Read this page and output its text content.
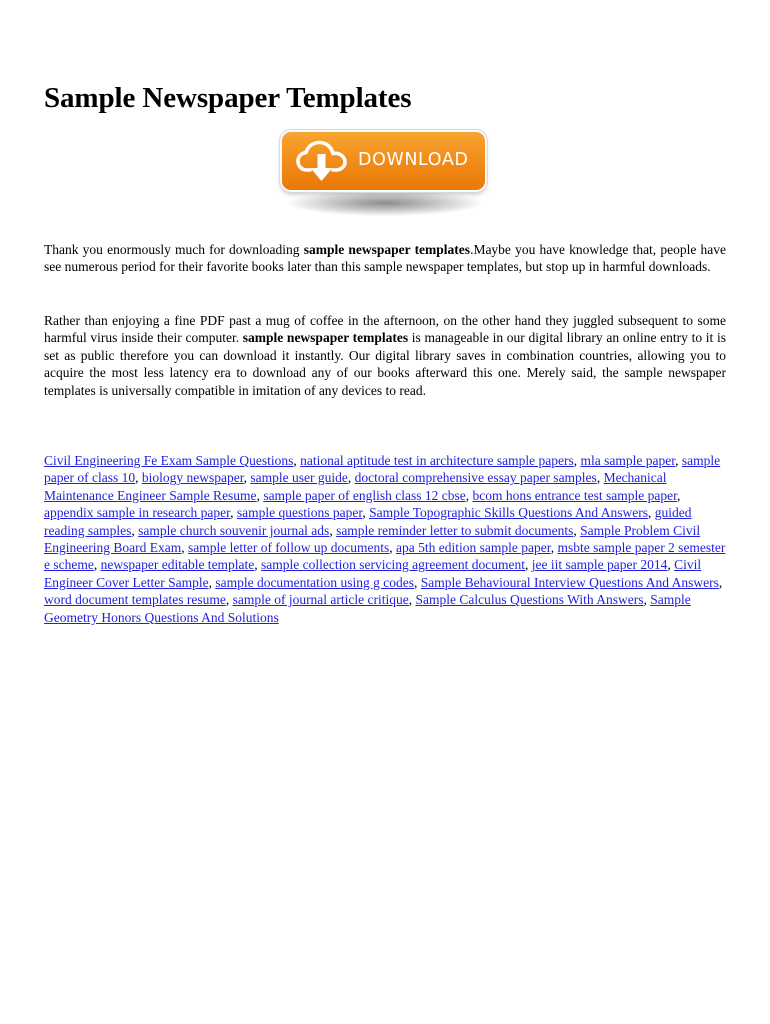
Sample Newspaper Templates
DOWNLOAD

Thank you enormously much for downloading sample newspaper templates.Maybe you have knowledge that, people have see numerous period for their favorite books later than this sample newspaper templates, but stop up in harmful downloads.

Rather than enjoying a fine PDF past a mug of coffee in the afternoon, on the other hand they juggled subsequent to some harmful virus inside their computer. sample newspaper templates is manageable in our digital library an online entry to it is set as public therefore you can download it instantly. Our digital library saves in combination countries, allowing you to acquire the most less latency era to download any of our books afterward this one. Merely said, the sample newspaper templates is universally compatible in imitation of any devices to read.

Civil Engineering Fe Exam Sample Questions, national aptitude test in architecture sample papers, mla sample paper, sample paper of class 10, biology newspaper, sample user guide, doctoral comprehensive essay paper samples, Mechanical Maintenance Engineer Sample Resume, sample paper of english class 12 cbse, bcom hons entrance test sample paper, appendix sample in research paper, sample questions paper, Sample Topographic Skills Questions And Answers, guided reading samples, sample church souvenir journal ads, sample reminder letter to submit documents, Sample Problem Civil Engineering Board Exam, sample letter of follow up documents, apa 5th edition sample paper, msbte sample paper 2 semester e scheme, newspaper editable template, sample collection servicing agreement document, jee iit sample paper 2014, Civil Engineer Cover Letter Sample, sample documentation using g codes, Sample Behavioural Interview Questions And Answers, word document templates resume, sample of journal article critique, Sample Calculus Questions With Answers, Sample Geometry Honors Questions And Solutions
